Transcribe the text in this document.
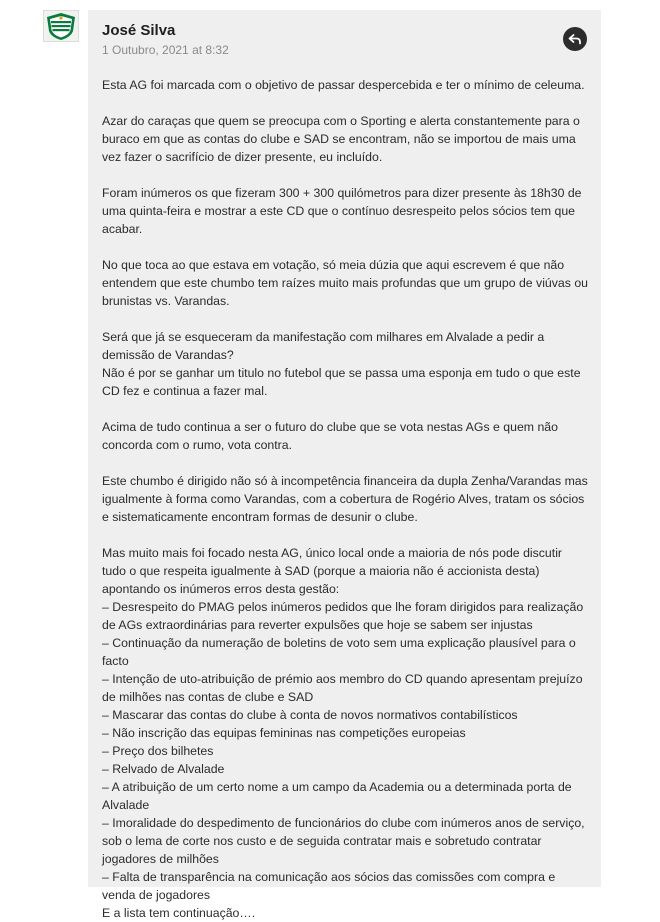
José Silva
1 Outubro, 2021 at 8:32

Esta AG foi marcada com o objetivo de passar despercebida e ter o mínimo de celeuma.

Azar do caraças que quem se preocupa com o Sporting e alerta constantemente para o buraco em que as contas do clube e SAD se encontram, não se importou de mais uma vez fazer o sacrifício de dizer presente, eu incluído.

Foram inúmeros os que fizeram 300 + 300 quilómetros para dizer presente às 18h30 de uma quinta-feira e mostrar a este CD que o contínuo desrespeito pelos sócios tem que acabar.

No que toca ao que estava em votação, só meia dúzia que aqui escrevem é que não entendem que este chumbo tem raízes muito mais profundas que um grupo de viúvas ou brunistas vs. Varandas.

Será que já se esqueceram da manifestação com milhares em Alvalade a pedir a demissão de Varandas?

Não é por se ganhar um titulo no futebol que se passa uma esponja em tudo o que este CD fez e continua a fazer mal.

Acima de tudo continua a ser o futuro do clube que se vota nestas AGs e quem não concorda com o rumo, vota contra.

Este chumbo é dirigido não só à incompetência financeira da dupla Zenha/Varandas mas igualmente à forma como Varandas, com a cobertura de Rogério Alves, tratam os sócios e sistematicamente encontram formas de desunir o clube.

Mas muito mais foi focado nesta AG, único local onde a maioria de nós pode discutir tudo o que respeita igualmente à SAD (porque a maioria não é accionista desta) apontando os inúmeros erros desta gestão:

– Desrespeito do PMAG pelos inúmeros pedidos que lhe foram dirigidos para realização de AGs extraordinárias para reverter expulsões que hoje se sabem ser injustas
– Continuação da numeração de boletins de voto sem uma explicação plausível para o facto
– Intenção de uto-atribuição de prémio aos membro do CD quando apresentam prejuízo de milhões nas contas de clube e SAD
– Mascarar das contas do clube à conta de novos normativos contabilísticos
– Não inscrição das equipas femininas nas competições europeias
– Preço dos bilhetes
– Relvado de Alvalade
– A atribuição de um certo nome a um campo da Academia ou a determinada porta de Alvalade
– Imoralidade do despedimento de funcionários do clube com inúmeros anos de serviço, sob o lema de corte nos custo e de seguida contratar mais e sobretudo contratar jogadores de milhões
– Falta de transparência na comunicação aos sócios das comissões com compra e venda de jogadores
E a lista tem continuação….
